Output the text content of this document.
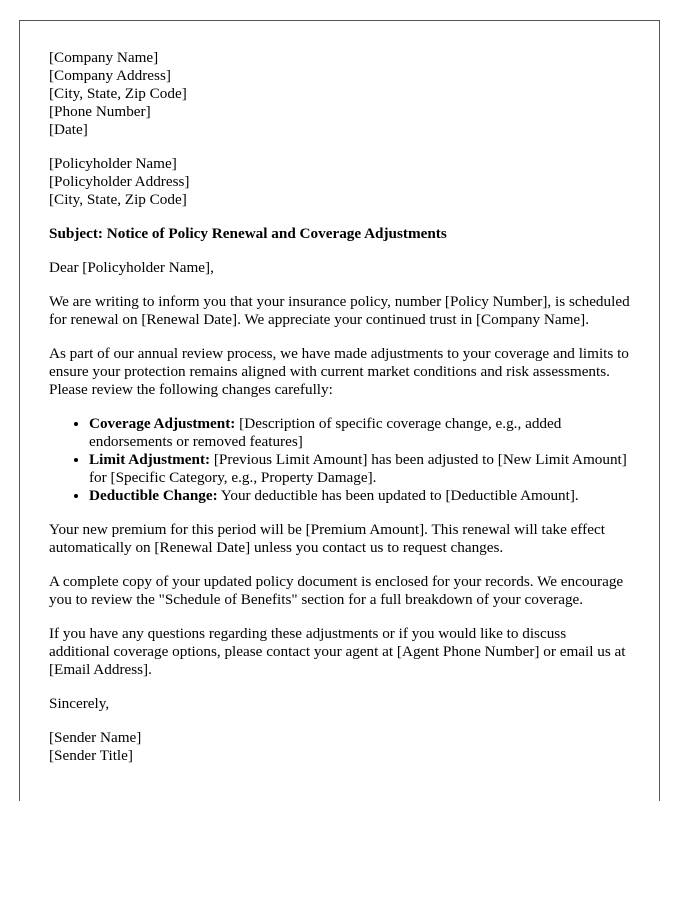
[Company Name]
[Company Address]
[City, State, Zip Code]
[Phone Number]
[Date]
[Policyholder Name]
[Policyholder Address]
[City, State, Zip Code]

Subject: Notice of Policy Renewal and Coverage Adjustments

Dear [Policyholder Name],

We are writing to inform you that your insurance policy, number [Policy Number], is scheduled for renewal on [Renewal Date]. We appreciate your continued trust in [Company Name].

As part of our annual review process, we have made adjustments to your coverage and limits to ensure your protection remains aligned with current market conditions and risk assessments. Please review the following changes carefully:

• Coverage Adjustment: [Description of specific coverage change, e.g., added endorsements or removed features]
• Limit Adjustment: [Previous Limit Amount] has been adjusted to [New Limit Amount] for [Specific Category, e.g., Property Damage].
• Deductible Change: Your deductible has been updated to [Deductible Amount].

Your new premium for this period will be [Premium Amount]. This renewal will take effect automatically on [Renewal Date] unless you contact us to request changes.

A complete copy of your updated policy document is enclosed for your records. We encourage you to review the "Schedule of Benefits" section for a full breakdown of your coverage.

If you have any questions regarding these adjustments or if you would like to discuss additional coverage options, please contact your agent at [Agent Phone Number] or email us at [Email Address].

Sincerely,

[Sender Name]
[Sender Title]
